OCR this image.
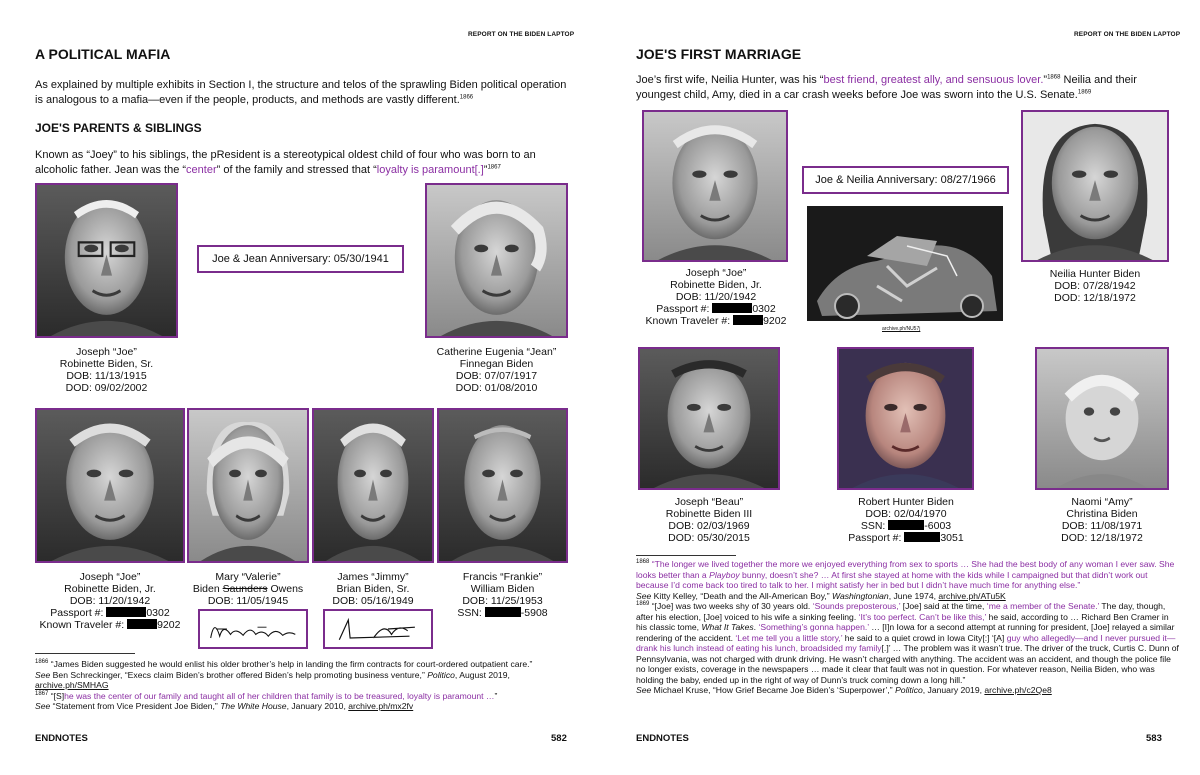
REPORT ON THE BIDEN LAPTOP
A POLITICAL MAFIA
As explained by multiple exhibits in Section I, the structure and telos of the sprawling Biden political operation is analogous to a mafia—even if the people, products, and methods are vastly different.$^{1866}$
JOE'S PARENTS & SIBLINGS
Known as “Joey” to his siblings, the pResident is a stereotypical oldest child of four who was born to an alcoholic father. Jean was the “center” of the family and stressed that “loyalty is paramount[.]”$^{1867}$
Joseph “Joe”
Robinette Biden, Sr.
DOB: 11/13/1915
DOD: 09/02/2002
Joe & Jean Anniversary: 05/30/1941
Catherine Eugenia “Jean”
Finnegan Biden
DOB: 07/07/1917
DOD: 01/08/2010
Joseph “Joe”
Robinette Biden, Jr.
DOB: 11/20/1942
Passport #:	0302
Known Traveler #:	9202
Mary “Valerie”
Biden Saunders Owens
DOB: 11/05/1945
James “Jimmy”
Brian Biden, Sr.
DOB: 05/16/1949
Francis “Frankie”
William Biden
DOB: 11/25/1953
SSN:	-5908

$^{1866}$ “James Biden suggested he would enlist his older brother’s help in landing the firm contracts for court-ordered outpatient care.”

See Ben Schreckinger, “Execs claim Biden’s brother offered Biden’s help promoting business venture,” Politico, August 2019, archive.ph/SMHAG

$^{1867}$ “[S]he was the center of our family and taught all of her children that family is to be treasured, loyalty is paramount …”

See “Statement from Vice President Joe Biden,” The White House, January 2010, archive.ph/mx2fv

ENDNOTES	582
REPORT ON THE BIDEN LAPTOP
JOE'S FIRST MARRIAGE
Joe’s first wife, Neilia Hunter, was his “best friend, greatest ally, and sensuous lover.”$^{1868}$ Neilia and their youngest child, Amy, died in a car crash weeks before Joe was sworn into the U.S. Senate.$^{1869}$
Joseph “Joe”
Robinette Biden, Jr.
DOB: 11/20/1942
Passport #:	0302
Known Traveler #:	9202
Joe & Neilia Anniversary: 08/27/1966
archive.ph/NU57j
Neilia Hunter Biden
DOB: 07/28/1942
DOD: 12/18/1972
Joseph “Beau”
Robinette Biden III
DOB: 02/03/1969
DOD: 05/30/2015
Robert Hunter Biden
DOB: 02/04/1970
SSN:	-6003
Passport #:	3051
Naomi “Amy”
Christina Biden
DOB: 11/08/1971
DOD: 12/18/1972

$^{1868}$ “The longer we lived together the more we enjoyed everything from sex to sports … She had the best body of any woman I ever saw. She looks better than a Playboy bunny, doesn’t she? … At first she stayed at home with the kids while I campaigned but that didn’t work out because I’d come back too tired to talk to her. I might satisfy her in bed but I didn’t have much time for anything else.”

See Kitty Kelley, “Death and the All-American Boy,” Washingtonian, June 1974, archive.ph/ATu5K

$^{1869}$ “[Joe] was two weeks shy of 30 years old. ‘Sounds preposterous,’ [Joe] said at the time, ‘me a member of the Senate.’ The day, though, after his election, [Joe] voiced to his wife a sinking feeling. ‘It’s too perfect. Can’t be like this,’ he said, according to … Richard Ben Cramer in his classic tome, What It Takes. ‘Something’s gonna happen.’ … [I]n Iowa for a second attempt at running for president, [Joe] relayed a similar rendering of the accident. ‘Let me tell you a little story,’ he said to a quiet crowd in Iowa City[:] ‘[A] guy who allegedly—and I never pursued it—drank his lunch instead of eating his lunch, broadsided my family[.]’ … The problem was it wasn’t true. The driver of the truck, Curtis C. Dunn of Pennsylvania, was not charged with drunk driving. He wasn’t charged with anything. The accident was an accident, and though the police file no longer exists, coverage in the newspapers … made it clear that fault was not in question. For whatever reason, Neilia Biden, who was holding the baby, ended up in the right of way of Dunn’s truck coming down a long hill.”

See Michael Kruse, “How Grief Became Joe Biden’s ‘Superpower’,” Politico, January 2019, archive.ph/c2Qe8

ENDNOTES	583
